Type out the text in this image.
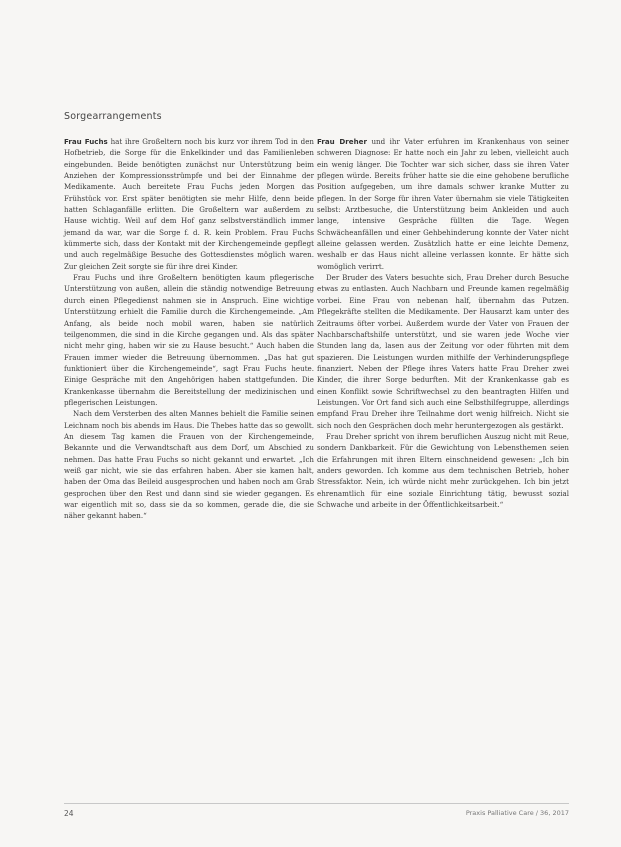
Sorgearrangements

Frau Fuchs hat ihre Großeltern noch bis kurz vor ihrem Tod in den Hofbetrieb, die Sorge für die Enkelkinder und das Familienleben eingebunden. Beide benötigten zunächst nur Unterstützung beim Anziehen der Kompressionsstrümpfe und bei der Einnahme der Medikamente. Auch bereitete Frau Fuchs jeden Morgen das Frühstück vor. Erst später benötigten sie mehr Hilfe, denn beide hatten Schlaganfälle erlitten. Die Großeltern war außerdem zu Hause wichtig. Weil auf dem Hof ganz selbstverständlich immer jemand da war, war die Sorge f. d. R. kein Problem. Frau Fuchs kümmerte sich, dass der Kontakt mit der Kirchengemeinde gepflegt und auch regelmäßige Besuche des Gottesdienstes möglich waren. Zur gleichen Zeit sorgte sie für ihre drei Kinder.

Frau Fuchs und ihre Großeltern benötigten kaum pflegerische Unterstützung von außen, allein die ständig notwendige Betreuung durch einen Pflegedienst nahmen sie in Anspruch. Eine wichtige Unterstützung erhielt die Familie durch die Kirchengemeinde. „Am Anfang, als beide noch mobil waren, haben sie natürlich teilgenommen, die sind in die Kirche gegangen und. Als das später nicht mehr ging, haben wir sie zu Hause besucht.“ Auch haben die Frauen immer wieder die Betreuung übernommen. „Das hat gut funktioniert über die Kirchengemeinde“, sagt Frau Fuchs heute. Einige Gespräche mit den Angehörigen haben stattgefunden. Die Krankenkasse übernahm die Bereitstellung der medizinischen und pflegerischen Leistungen.

Nach dem Versterben des alten Mannes behielt die Familie seinen Leichnam noch bis abends im Haus. Die Thebes hatte das so gewollt. An diesem Tag kamen die Frauen von der Kirchengemeinde, Bekannte und die Verwandtschaft aus dem Dorf, um Abschied zu nehmen. Das hatte Frau Fuchs so nicht gekannt und erwartet. „Ich weiß gar nicht, wie sie das erfahren haben. Aber sie kamen halt, haben der Oma das Beileid ausgesprochen und haben noch am Grab gesprochen über den Rest und dann sind sie wieder gegangen. Es war eigentlich mit so, dass sie da so kommen, gerade die, die sie näher gekannt haben.“

Frau Dreher und ihr Vater erfuhren im Krankenhaus von seiner schweren Diagnose: Er hatte noch ein Jahr zu leben, vielleicht auch ein wenig länger. Die Tochter war sich sicher, dass sie ihren Vater pflegen würde. Bereits früher hatte sie die eine gehobene berufliche Position aufgegeben, um ihre damals schwer kranke Mutter zu pflegen. In der Sorge für ihren Vater übernahm sie viele Tätigkeiten selbst: Arztbesuche, die Unterstützung beim Ankleiden und auch lange, intensive Gespräche füllten die Tage. Wegen Schwächeanfällen und einer Gehbehinderung konnte der Vater nicht alleine gelassen werden. Zusätzlich hatte er eine leichte Demenz, weshalb er das Haus nicht alleine verlassen konnte. Er hätte sich womöglich verirrt.

Der Bruder des Vaters besuchte sich, Frau Dreher durch Besuche etwas zu entlasten. Auch Nachbarn und Freunde kamen regelmäßig vorbei. Eine Frau von nebenan half, übernahm das Putzen. Pflegekräfte stellten die Medikamente. Der Hausarzt kam unter des Zeitraums öfter vorbei. Außerdem wurde der Vater von Frauen der Nachbarschaftshilfe unterstützt, und sie waren jede Woche vier Stunden lang da, lasen aus der Zeitung vor oder führten mit dem spazieren. Die Leistungen wurden mithilfe der Verhinderungspflege finanziert. Neben der Pflege ihres Vaters hatte Frau Dreher zwei Kinder, die ihrer Sorge bedurften. Mit der Krankenkasse gab es einen Konflikt sowie Schriftwechsel zu den beantragten Hilfen und Leistungen. Vor Ort fand sich auch eine Selbsthilfegruppe, allerdings empfand Frau Dreher ihre Teilnahme dort wenig hilfreich. Nicht sie sich noch den Gesprächen doch mehr heruntergezogen als gestärkt.

Frau Dreher spricht von ihrem beruflichen Auszug nicht mit Reue, sondern Dankbarkeit. Für die Gewichtung von Lebensthemen seien die Erfahrungen mit ihren Eltern einschneidend gewesen: „Ich bin anders geworden. Ich komme aus dem technischen Betrieb, hoher Stressfaktor. Nein, ich würde nicht mehr zurückgehen. Ich bin jetzt ehrenamtlich für eine soziale Einrichtung tätig, bewusst sozial Schwache und arbeite in der Öffentlichkeitsarbeit.“

24	Praxis Palliative Care / 36, 2017
